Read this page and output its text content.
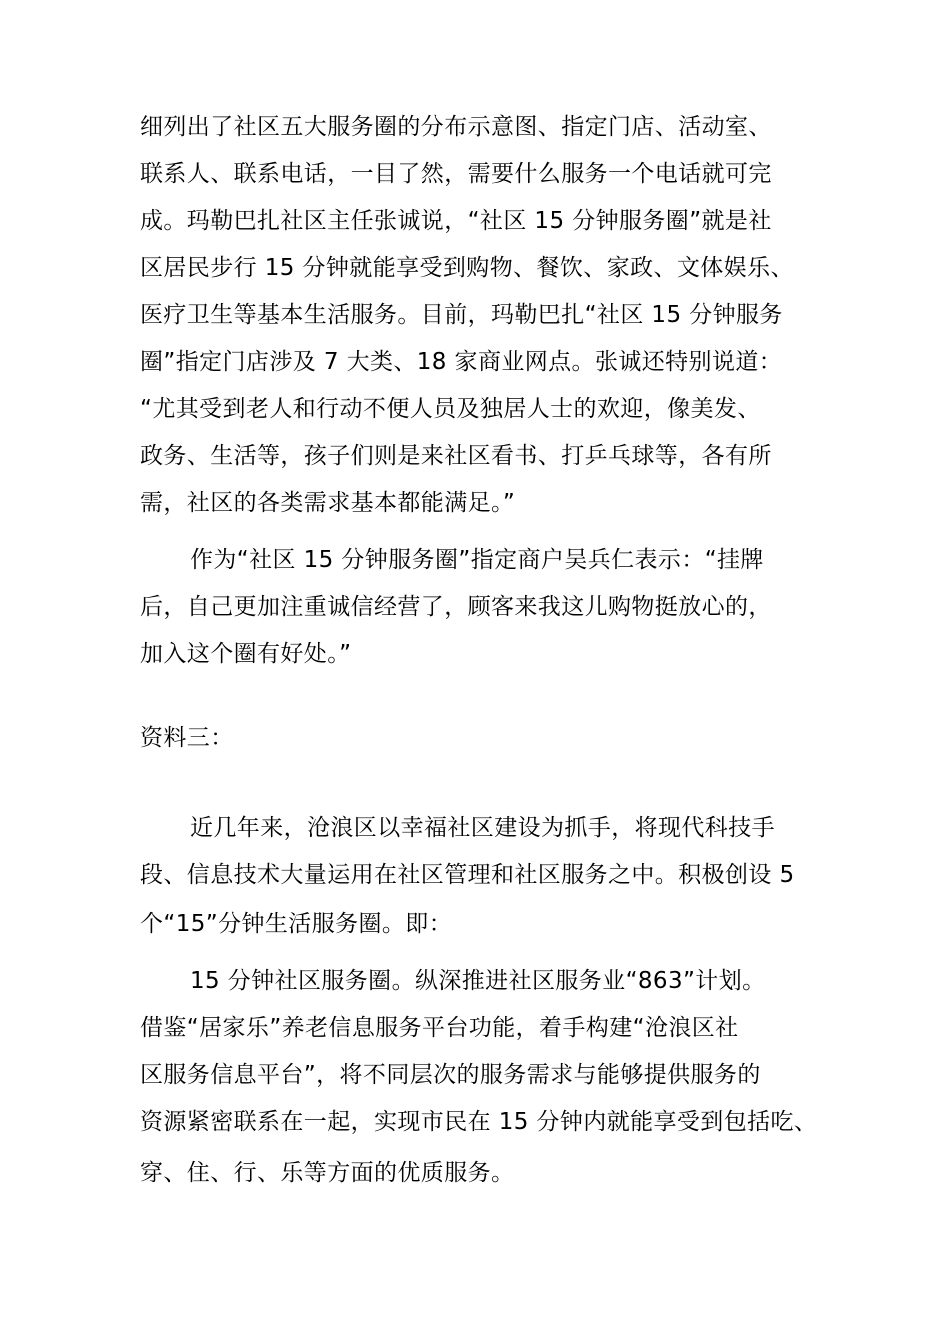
细列出了社区五大服务圈的分布示意图、指定门店、活动室、
联系人、联系电话，一目了然，需要什么服务一个电话就可完
成。玛勒巴扎社区主任张诚说，“社区 15 分钟服务圈”就是社
区居民步行 15 分钟就能享受到购物、餐饮、家政、文体娱乐、
医疗卫生等基本生活服务。目前，玛勒巴扎“社区 15 分钟服务
圈”指定门店涉及 7 大类、18 家商业网点。张诚还特别说道：
“尤其受到老人和行动不便人员及独居人士的欢迎，像美发、
政务、生活等，孩子们则是来社区看书、打乒乓球等，各有所
需，社区的各类需求基本都能满足。”
作为“社区 15 分钟服务圈”指定商户吴兵仁表示：“挂牌
后，自己更加注重诚信经营了，顾客来我这儿购物挺放心的，
加入这个圈有好处。”
资料三：
近几年来，沧浪区以幸福社区建设为抓手，将现代科技手
段、信息技术大量运用在社区管理和社区服务之中。积极创设 5
个“15”分钟生活服务圈。即：
15 分钟社区服务圈。纵深推进社区服务业“863”计划。
借鉴“居家乐”养老信息服务平台功能，着手构建“沧浪区社
区服务信息平台”，将不同层次的服务需求与能够提供服务的
资源紧密联系在一起，实现市民在 15 分钟内就能享受到包括吃、
穿、住、行、乐等方面的优质服务。
